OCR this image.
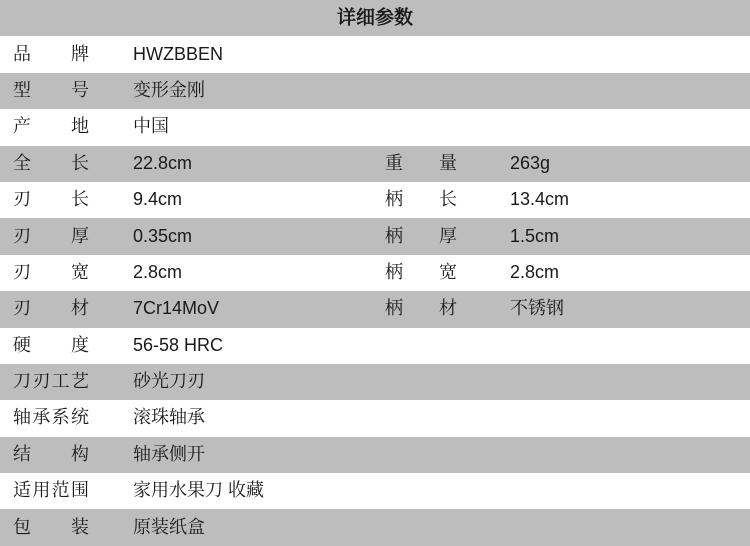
详细参数
品牌 HWZBBEN
型号 变形金刚
产地 中国
全长 22.8cm	重量	263g
刃长 9.4cm	柄长	13.4cm
刃厚 0.35cm	柄厚	1.5cm
刃宽 2.8cm	柄宽	2.8cm
刃材 7Cr14MoV	柄材	不锈钢
硬度 56-58 HRC
刀刃工艺 砂光刀刃
轴承系统 滚珠轴承
结构 轴承侧开
适用范围 家用水果刀 收藏
包装 原装纸盒
